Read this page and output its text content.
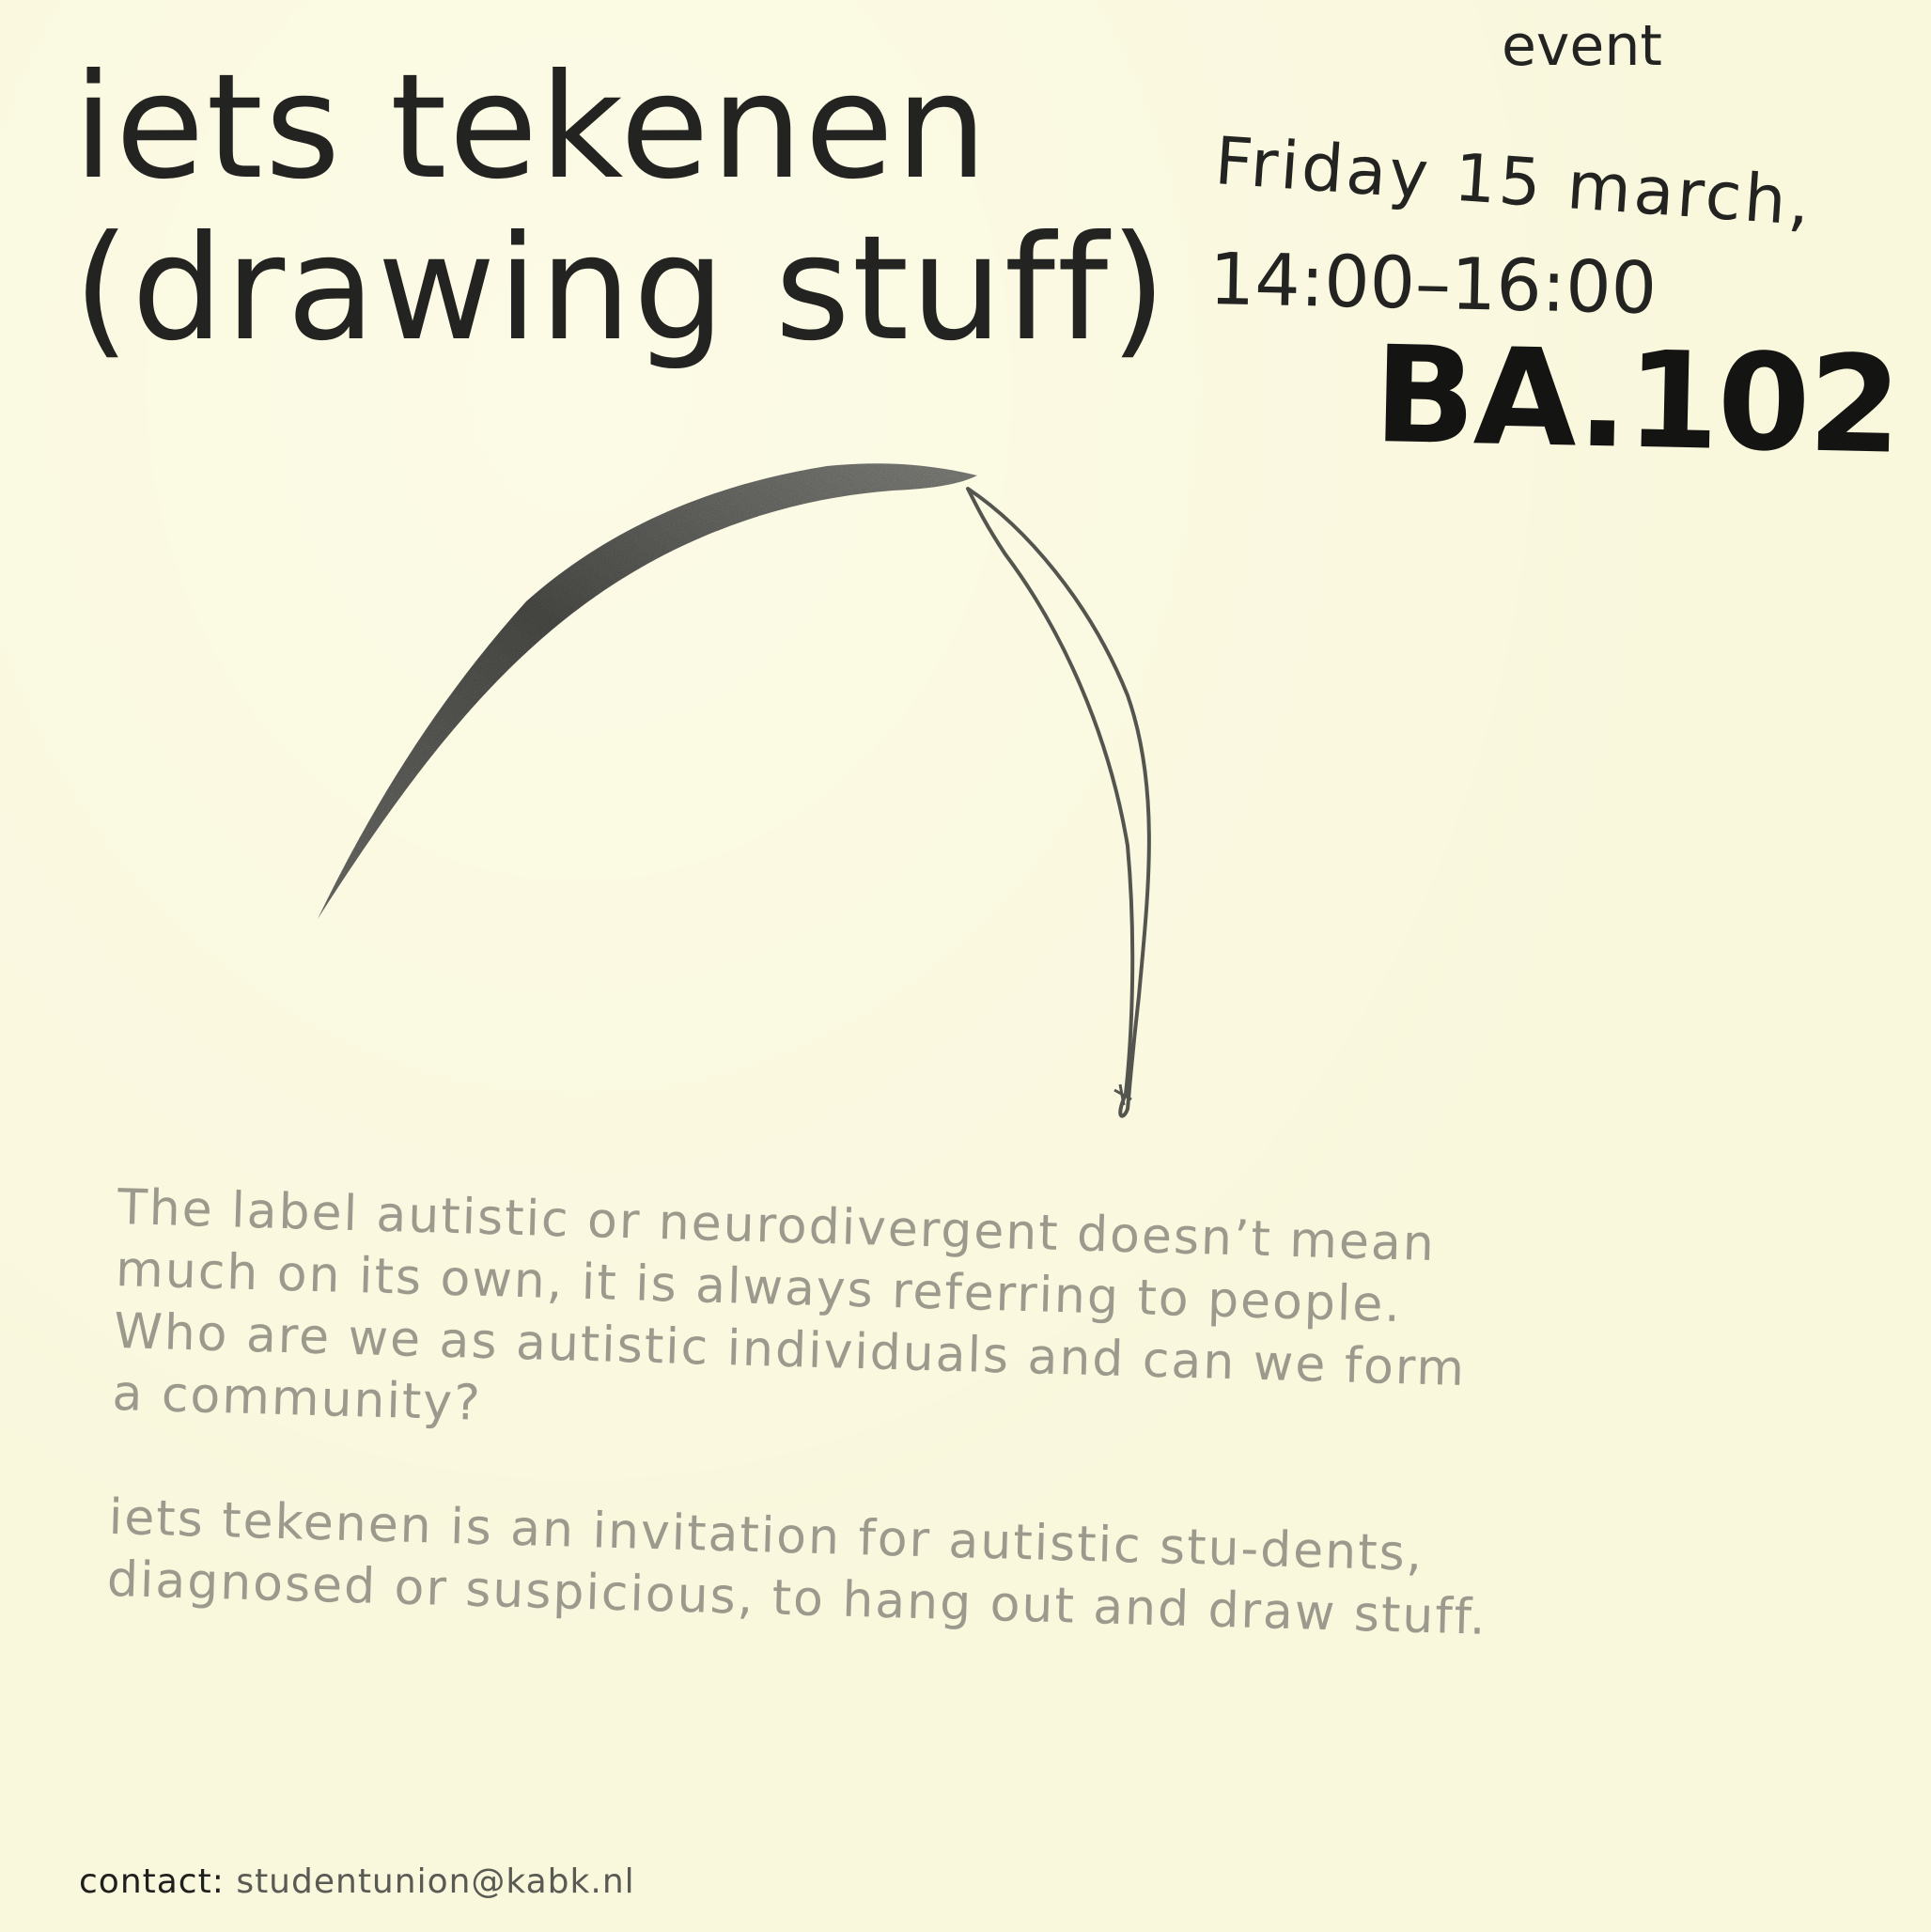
iets tekenen
(drawing stuff)
event
Friday 15 march,
14:00–16:00
BA.102

The label autistic or neurodivergent doesn’t mean much on its own, it is always referring to people. Who are we as autistic individuals and can we form a community?

iets tekenen is an invitation for autistic stu-dents, diagnosed or suspicious, to hang out and draw stuff.

contact: studentunion@kabk.nl
